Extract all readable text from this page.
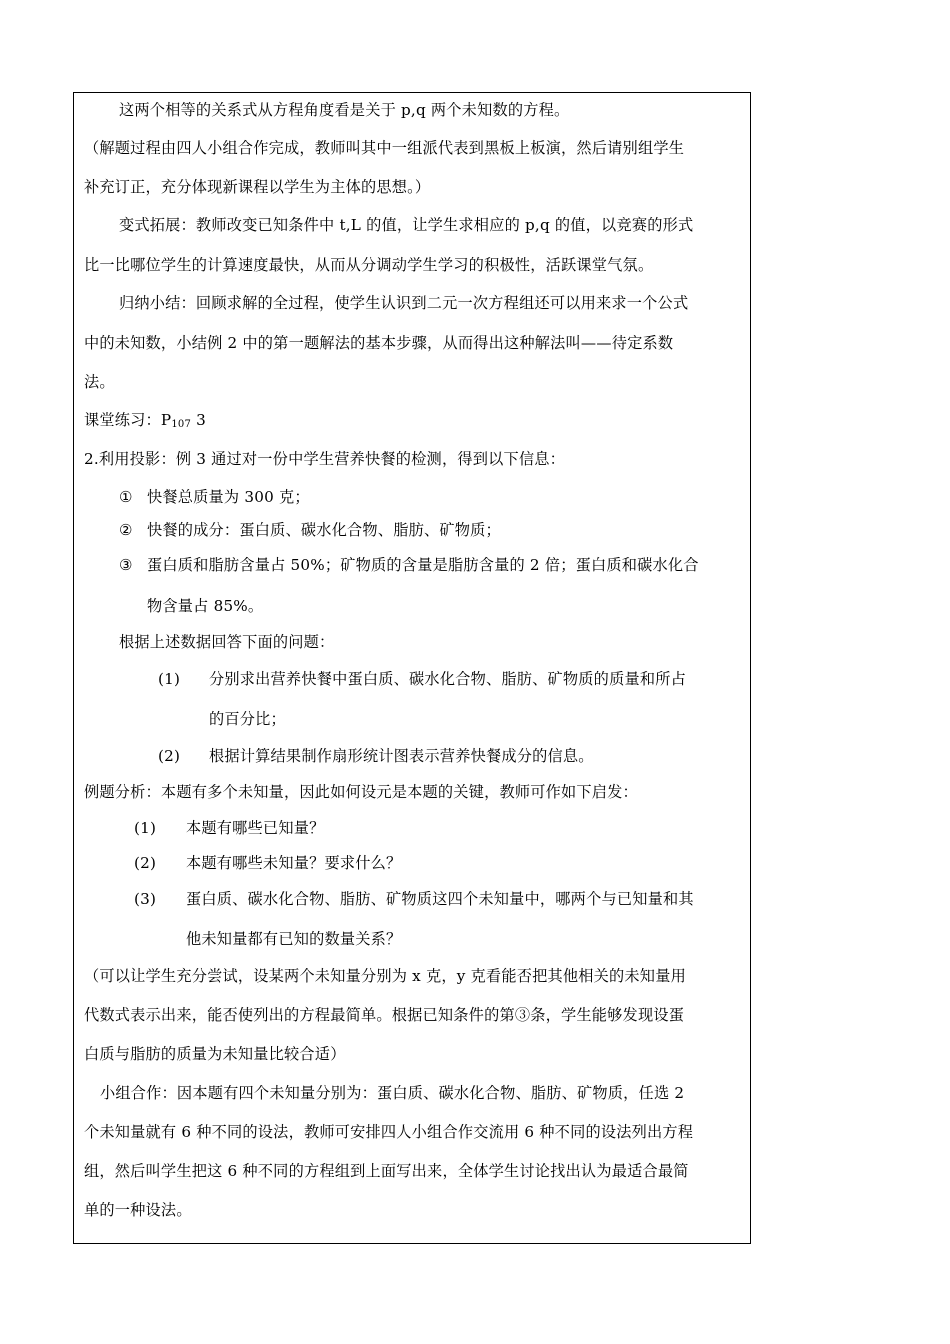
这两个相等的关系式从方程角度看是关于 p,q 两个未知数的方程。
（解题过程由四人小组合作完成，教师叫其中一组派代表到黑板上板演，然后请别组学生
补充订正，充分体现新课程以学生为主体的思想。）
变式拓展：教师改变已知条件中 t,L 的值，让学生求相应的 p,q 的值，以竞赛的形式
比一比哪位学生的计算速度最快，从而从分调动学生学习的积极性，活跃课堂气氛。
归纳小结：回顾求解的全过程，使学生认识到二元一次方程组还可以用来求一个公式
中的未知数，小结例 2 中的第一题解法的基本步骤，从而得出这种解法叫——待定系数
法。
课堂练习：$P_{107}$ 3
2.利用投影：例 3 通过对一份中学生营养快餐的检测，得到以下信息：
① 快餐总质量为 300 克；
② 快餐的成分：蛋白质、碳水化合物、脂肪、矿物质；
③ 蛋白质和脂肪含量占 50%；矿物质的含量是脂肪含量的 2 倍；蛋白质和碳水化合
物含量占 85%。
根据上述数据回答下面的问题：
(1) 分别求出营养快餐中蛋白质、碳水化合物、脂肪、矿物质的质量和所占
的百分比；
(2) 根据计算结果制作扇形统计图表示营养快餐成分的信息。
例题分析：本题有多个未知量，因此如何设元是本题的关键，教师可作如下启发：
(1) 本题有哪些已知量？
(2) 本题有哪些未知量？要求什么？
(3) 蛋白质、碳水化合物、脂肪、矿物质这四个未知量中，哪两个与已知量和其
他未知量都有已知的数量关系？
（可以让学生充分尝试，设某两个未知量分别为 x 克，y 克看能否把其他相关的未知量用
代数式表示出来，能否使列出的方程最简单。根据已知条件的第③条，学生能够发现设蛋
白质与脂肪的质量为未知量比较合适）
小组合作：因本题有四个未知量分别为：蛋白质、碳水化合物、脂肪、矿物质，任选 2
个未知量就有 6 种不同的设法，教师可安排四人小组合作交流用 6 种不同的设法列出方程
组，然后叫学生把这 6 种不同的方程组到上面写出来，全体学生讨论找出认为最适合最简
单的一种设法。
